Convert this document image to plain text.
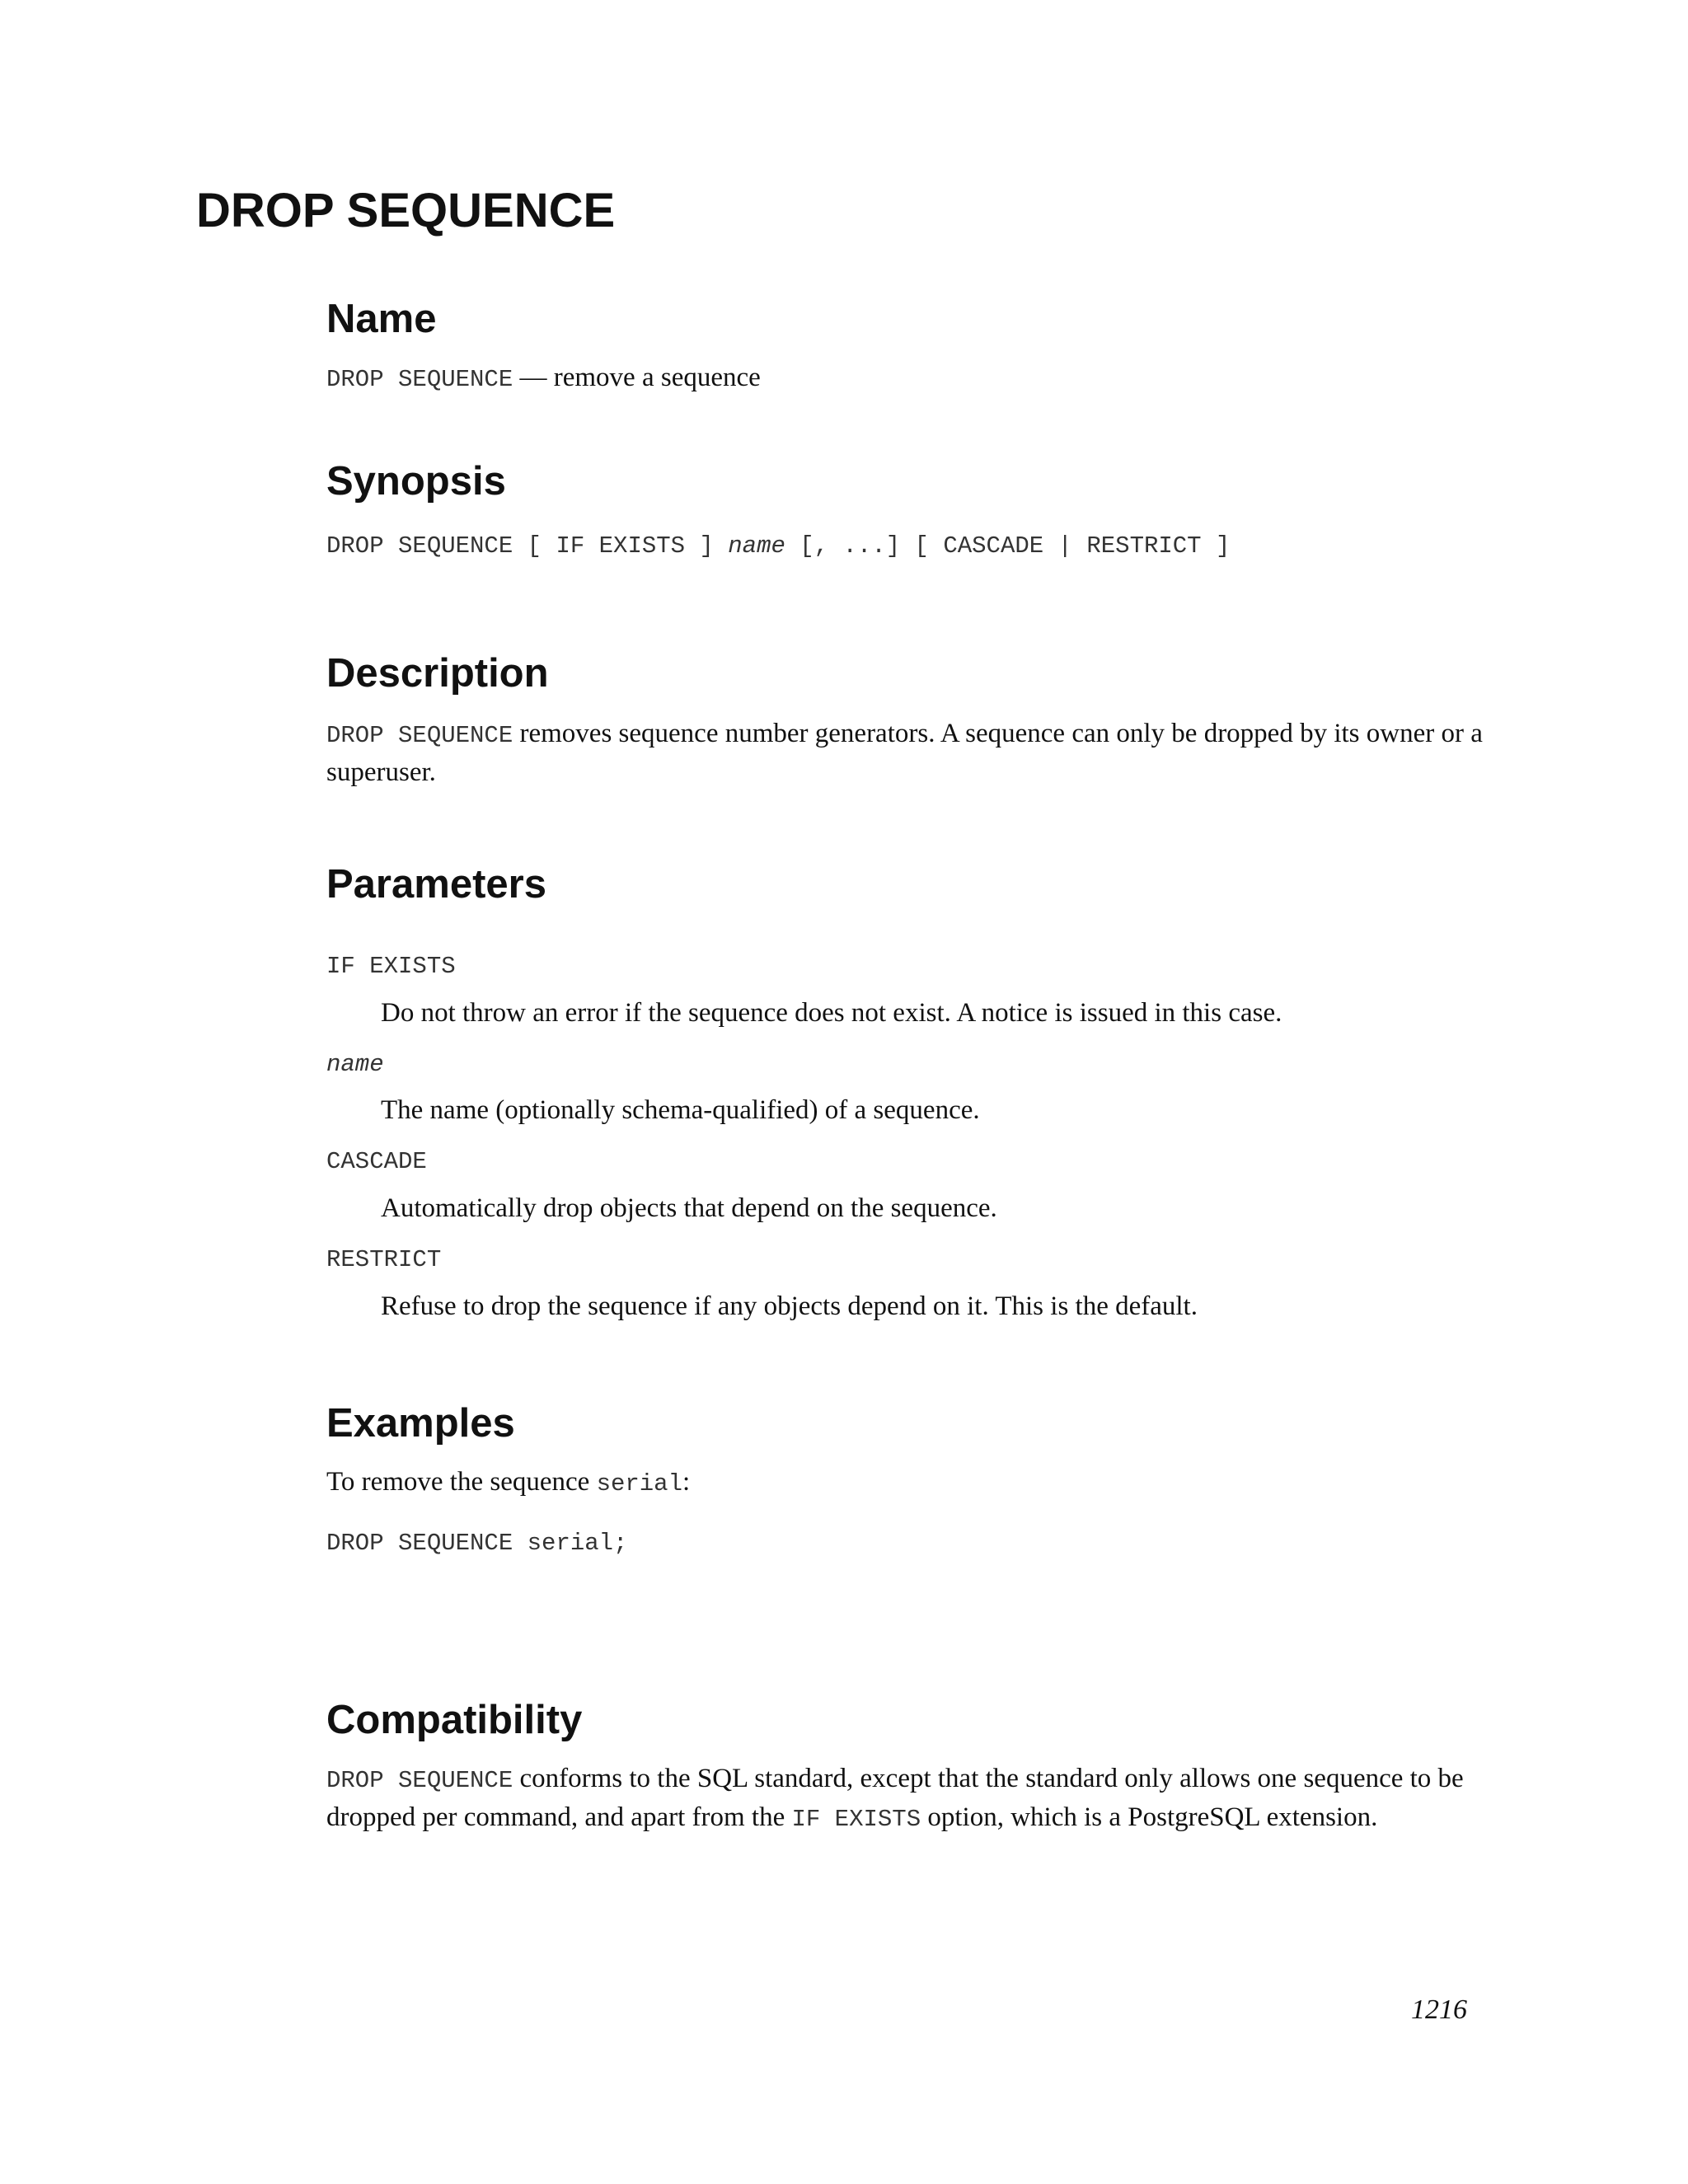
DROP SEQUENCE
Name
DROP SEQUENCE — remove a sequence
Synopsis
DROP SEQUENCE [ IF EXISTS ] name [, ...] [ CASCADE | RESTRICT ]
Description
DROP SEQUENCE removes sequence number generators. A sequence can only be dropped by its owner or a superuser.
Parameters
IF EXISTS
Do not throw an error if the sequence does not exist. A notice is issued in this case.
name
The name (optionally schema-qualified) of a sequence.
CASCADE
Automatically drop objects that depend on the sequence.
RESTRICT
Refuse to drop the sequence if any objects depend on it. This is the default.
Examples
To remove the sequence serial:
DROP SEQUENCE serial;
Compatibility
DROP SEQUENCE conforms to the SQL standard, except that the standard only allows one sequence to be dropped per command, and apart from the IF EXISTS option, which is a PostgreSQL extension.
1216
